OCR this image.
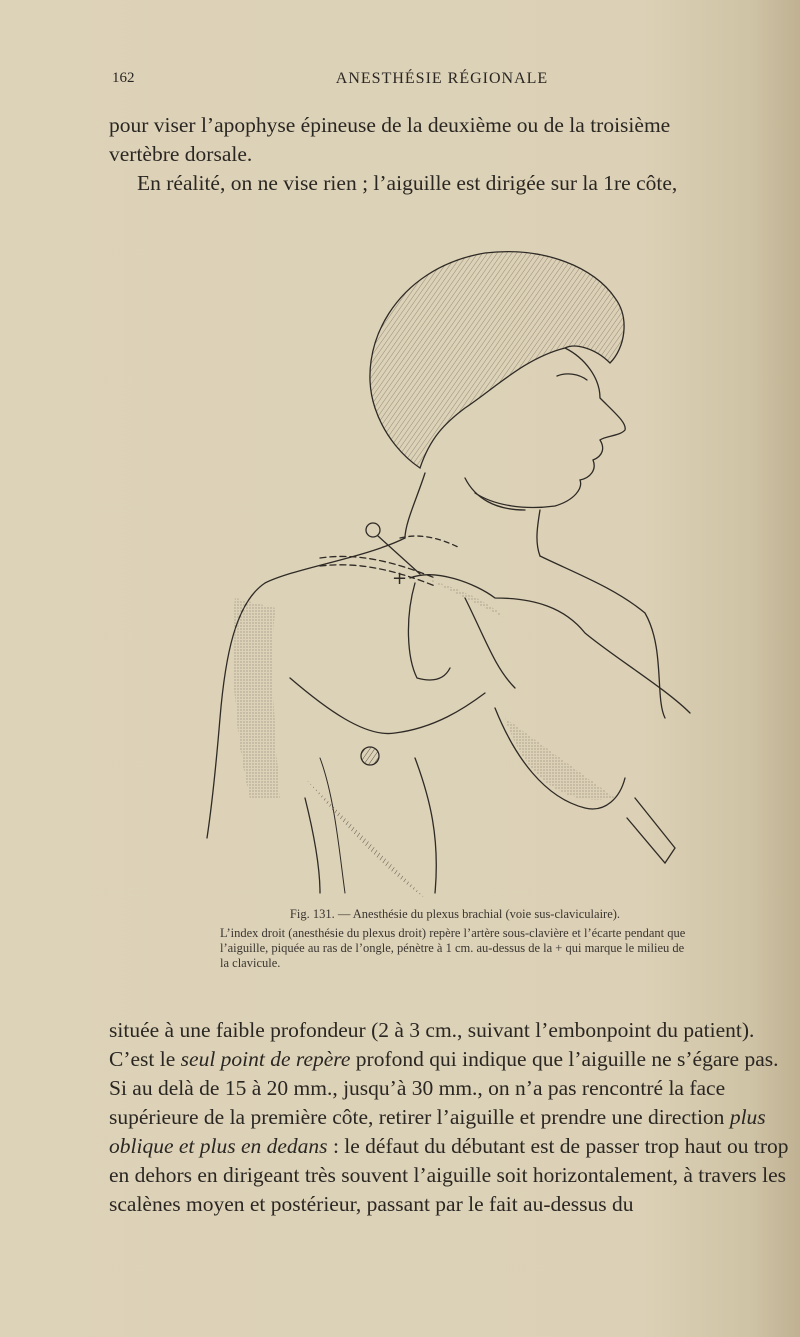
162	ANESTHÉSIE RÉGIONALE

pour viser l’apophyse épineuse de la deuxième ou de la troisième

vertèbre dorsale.

En réalité, on ne vise rien ; l’aiguille est dirigée sur la 1re côte,

+
Fig. 131. — Anesthésie du plexus brachial (voie sus-claviculaire).

L’index droit (anesthésie du plexus droit) repère l’artère sous-clavière et l’écarte pendant que l’aiguille, piquée au ras de l’ongle, pénètre à 1 cm. au-dessus de la + qui marque le milieu de la clavicule.

située à une faible profondeur (2 à 3 cm., suivant l’embonpoint du patient). C’est le seul point de repère profond qui indique que l’aiguille ne s’égare pas. Si au delà de 15 à 20 mm., jusqu’à 30 mm., on n’a pas rencontré la face supérieure de la première côte, retirer l’aiguille et prendre une direction plus oblique et plus en dedans : le défaut du débutant est de passer trop haut ou trop en dehors en dirigeant très souvent l’aiguille soit horizontalement, à travers les scalènes moyen et postérieur, passant par le fait au-dessus du
